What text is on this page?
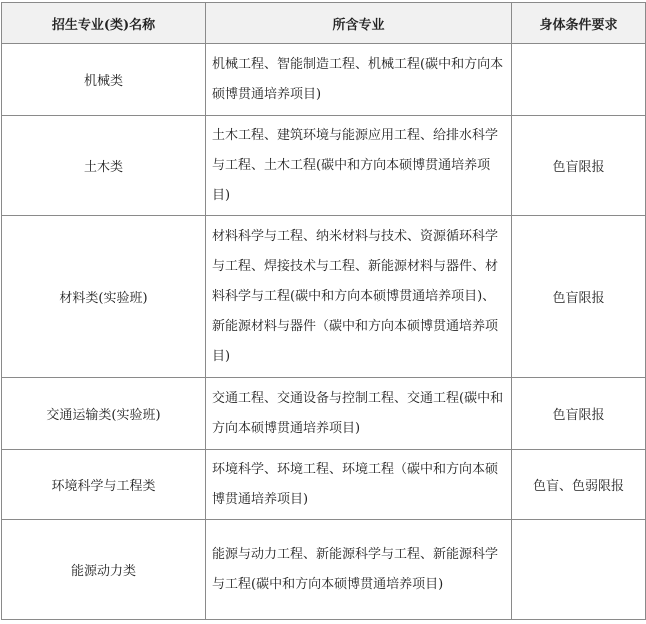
招生专业(类)名称	所含专业	身体条件要求
机械类	机械工程、智能制造工程、机械工程(碳中和方向本硕博贯通培养项目)	
土木类	土木工程、建筑环境与能源应用工程、给排水科学与工程、土木工程(碳中和方向本硕博贯通培养项目)	色盲限报
材料类(实验班)	材料科学与工程、纳米材料与技术、资源循环科学与工程、焊接技术与工程、新能源材料与器件、材料科学与工程(碳中和方向本硕博贯通培养项目)、新能源材料与器件（碳中和方向本硕博贯通培养项目)	色盲限报
交通运输类(实验班)	交通工程、交通设备与控制工程、交通工程(碳中和方向本硕博贯通培养项目)	色盲限报
环境科学与工程类	环境科学、环境工程、环境工程（碳中和方向本硕博贯通培养项目)	色盲、色弱限报
能源动力类	能源与动力工程、新能源科学与工程、新能源科学与工程(碳中和方向本硕博贯通培养项目)	
